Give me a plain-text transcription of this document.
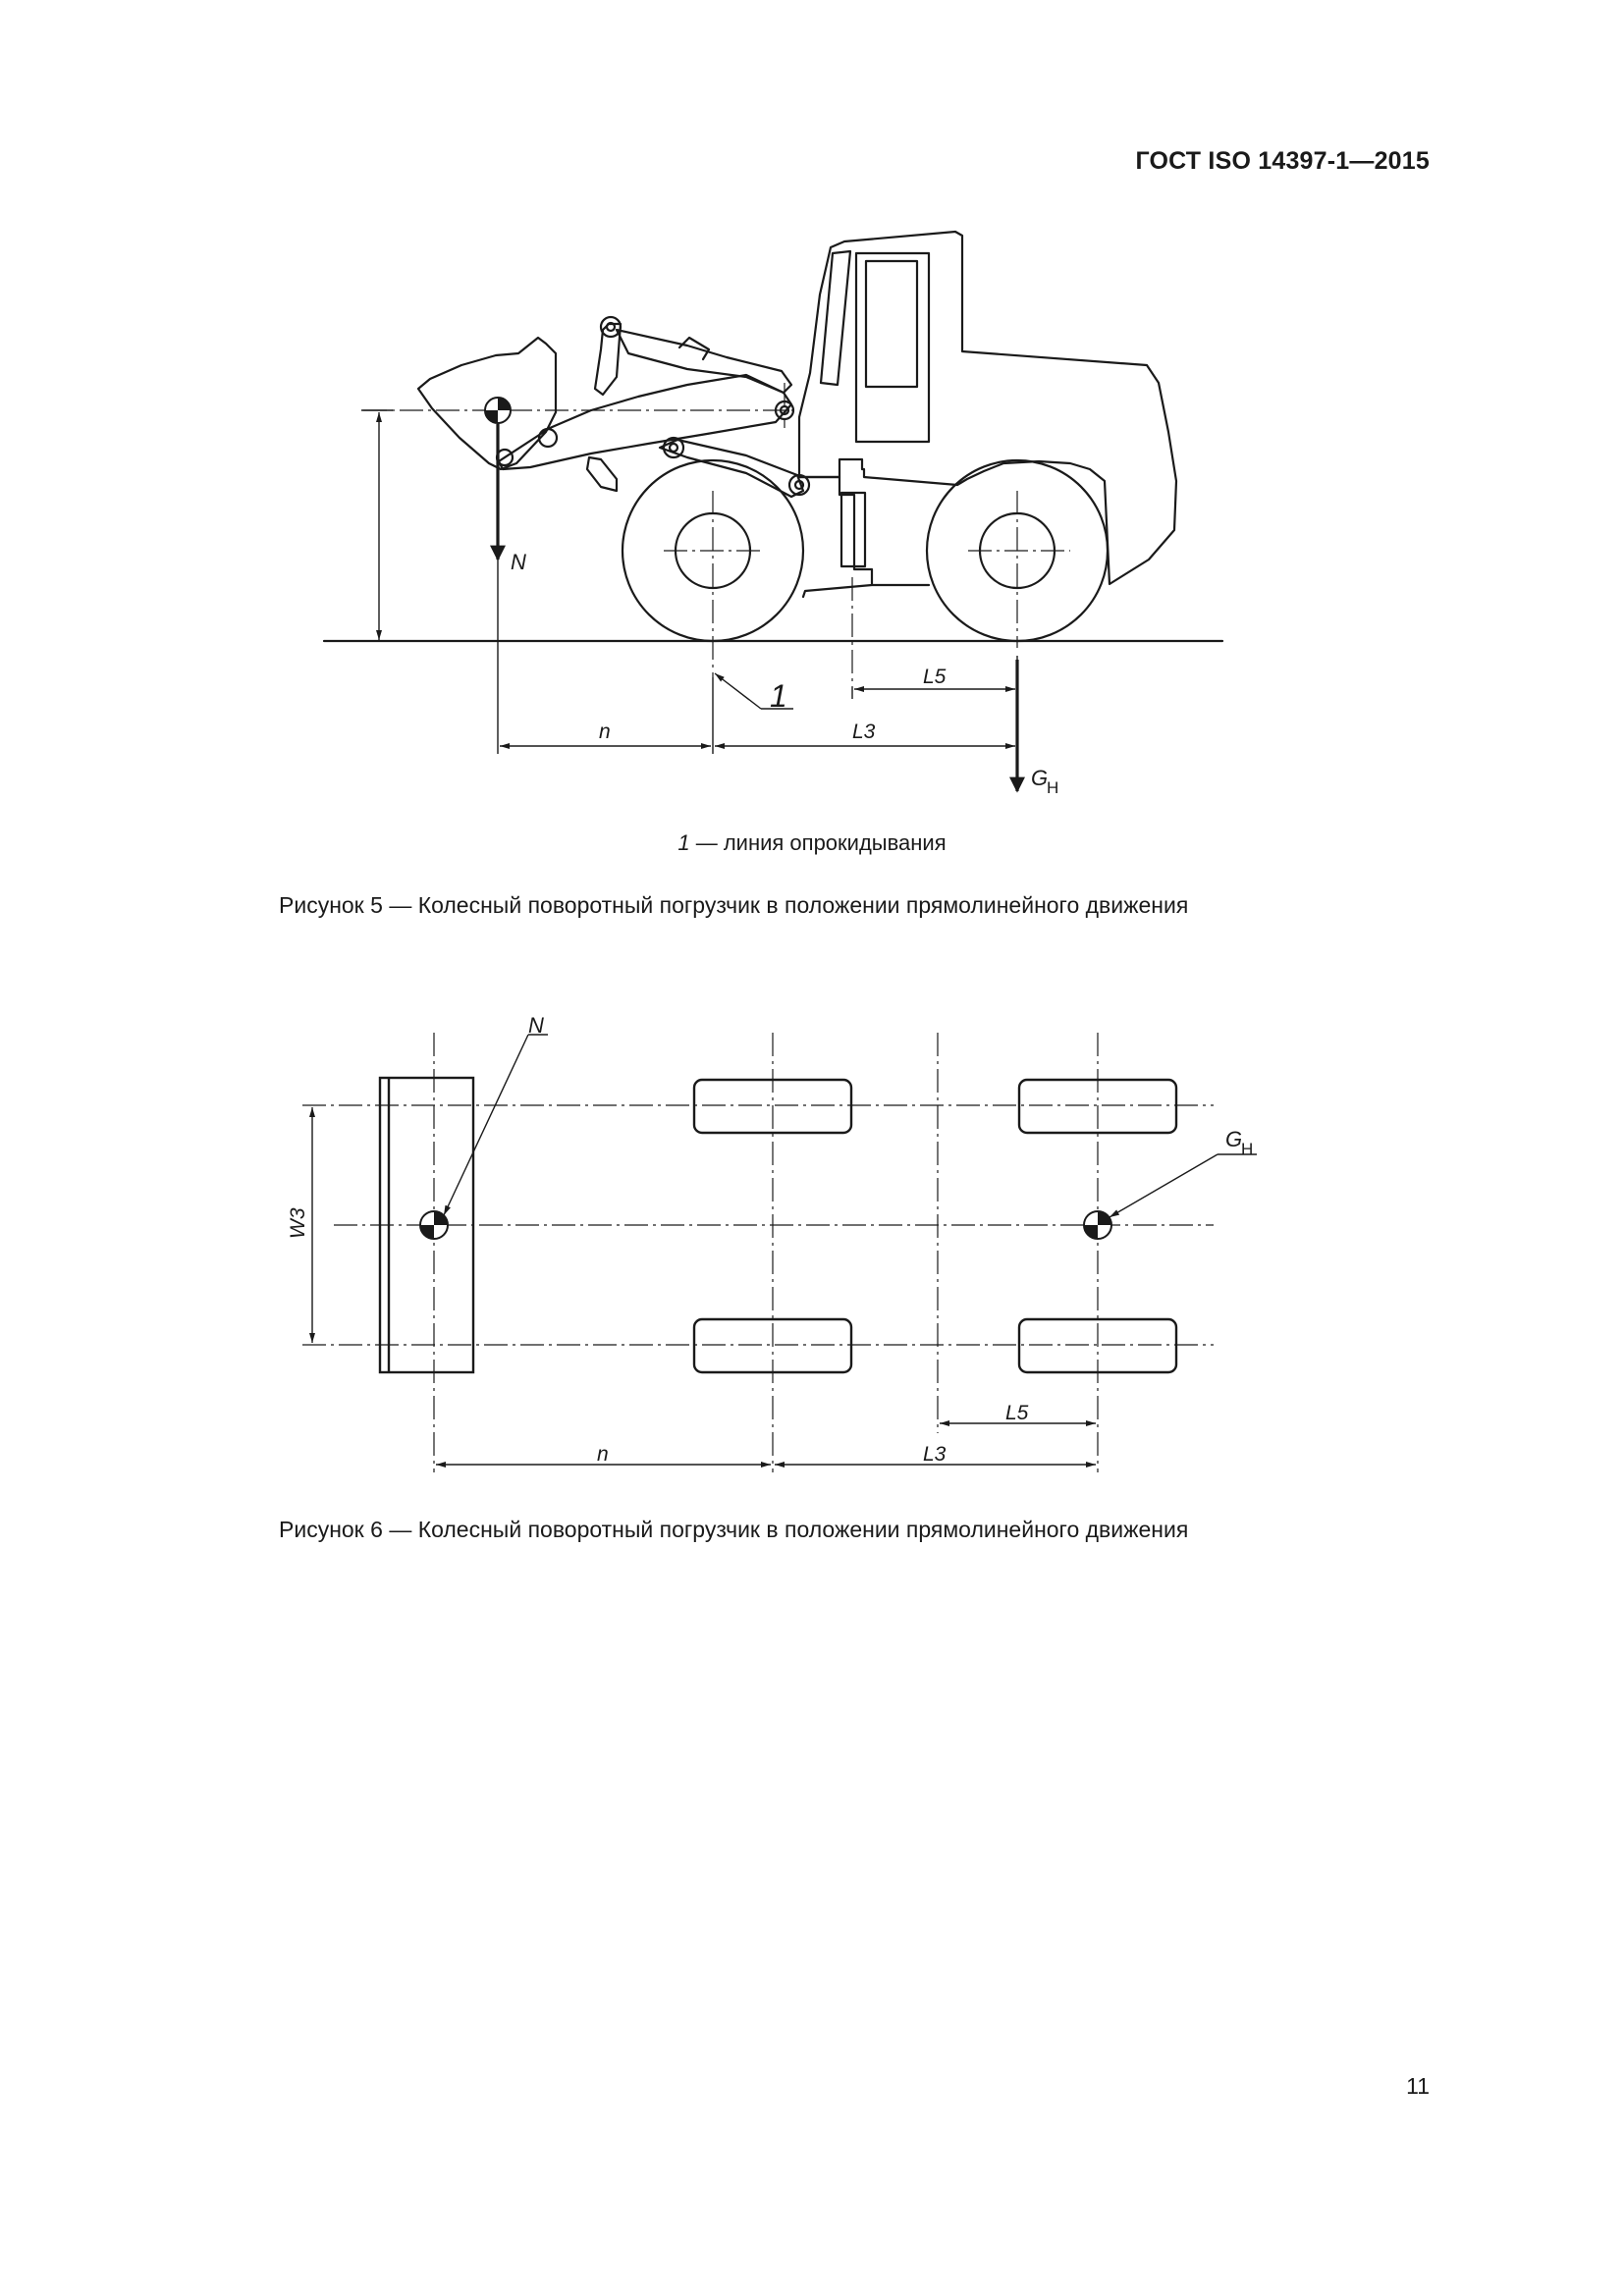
ГОСТ ISO 14397-1—2015
N
1
L5
n	L3
G
H
1 — линия опрокидывания
Рисунок 5 — Колесный поворотный погрузчик в положении прямолинейного движения
N
G
H
W3
L5
n	L3
Рисунок 6 — Колесный поворотный погрузчик в положении прямолинейного движения
11
